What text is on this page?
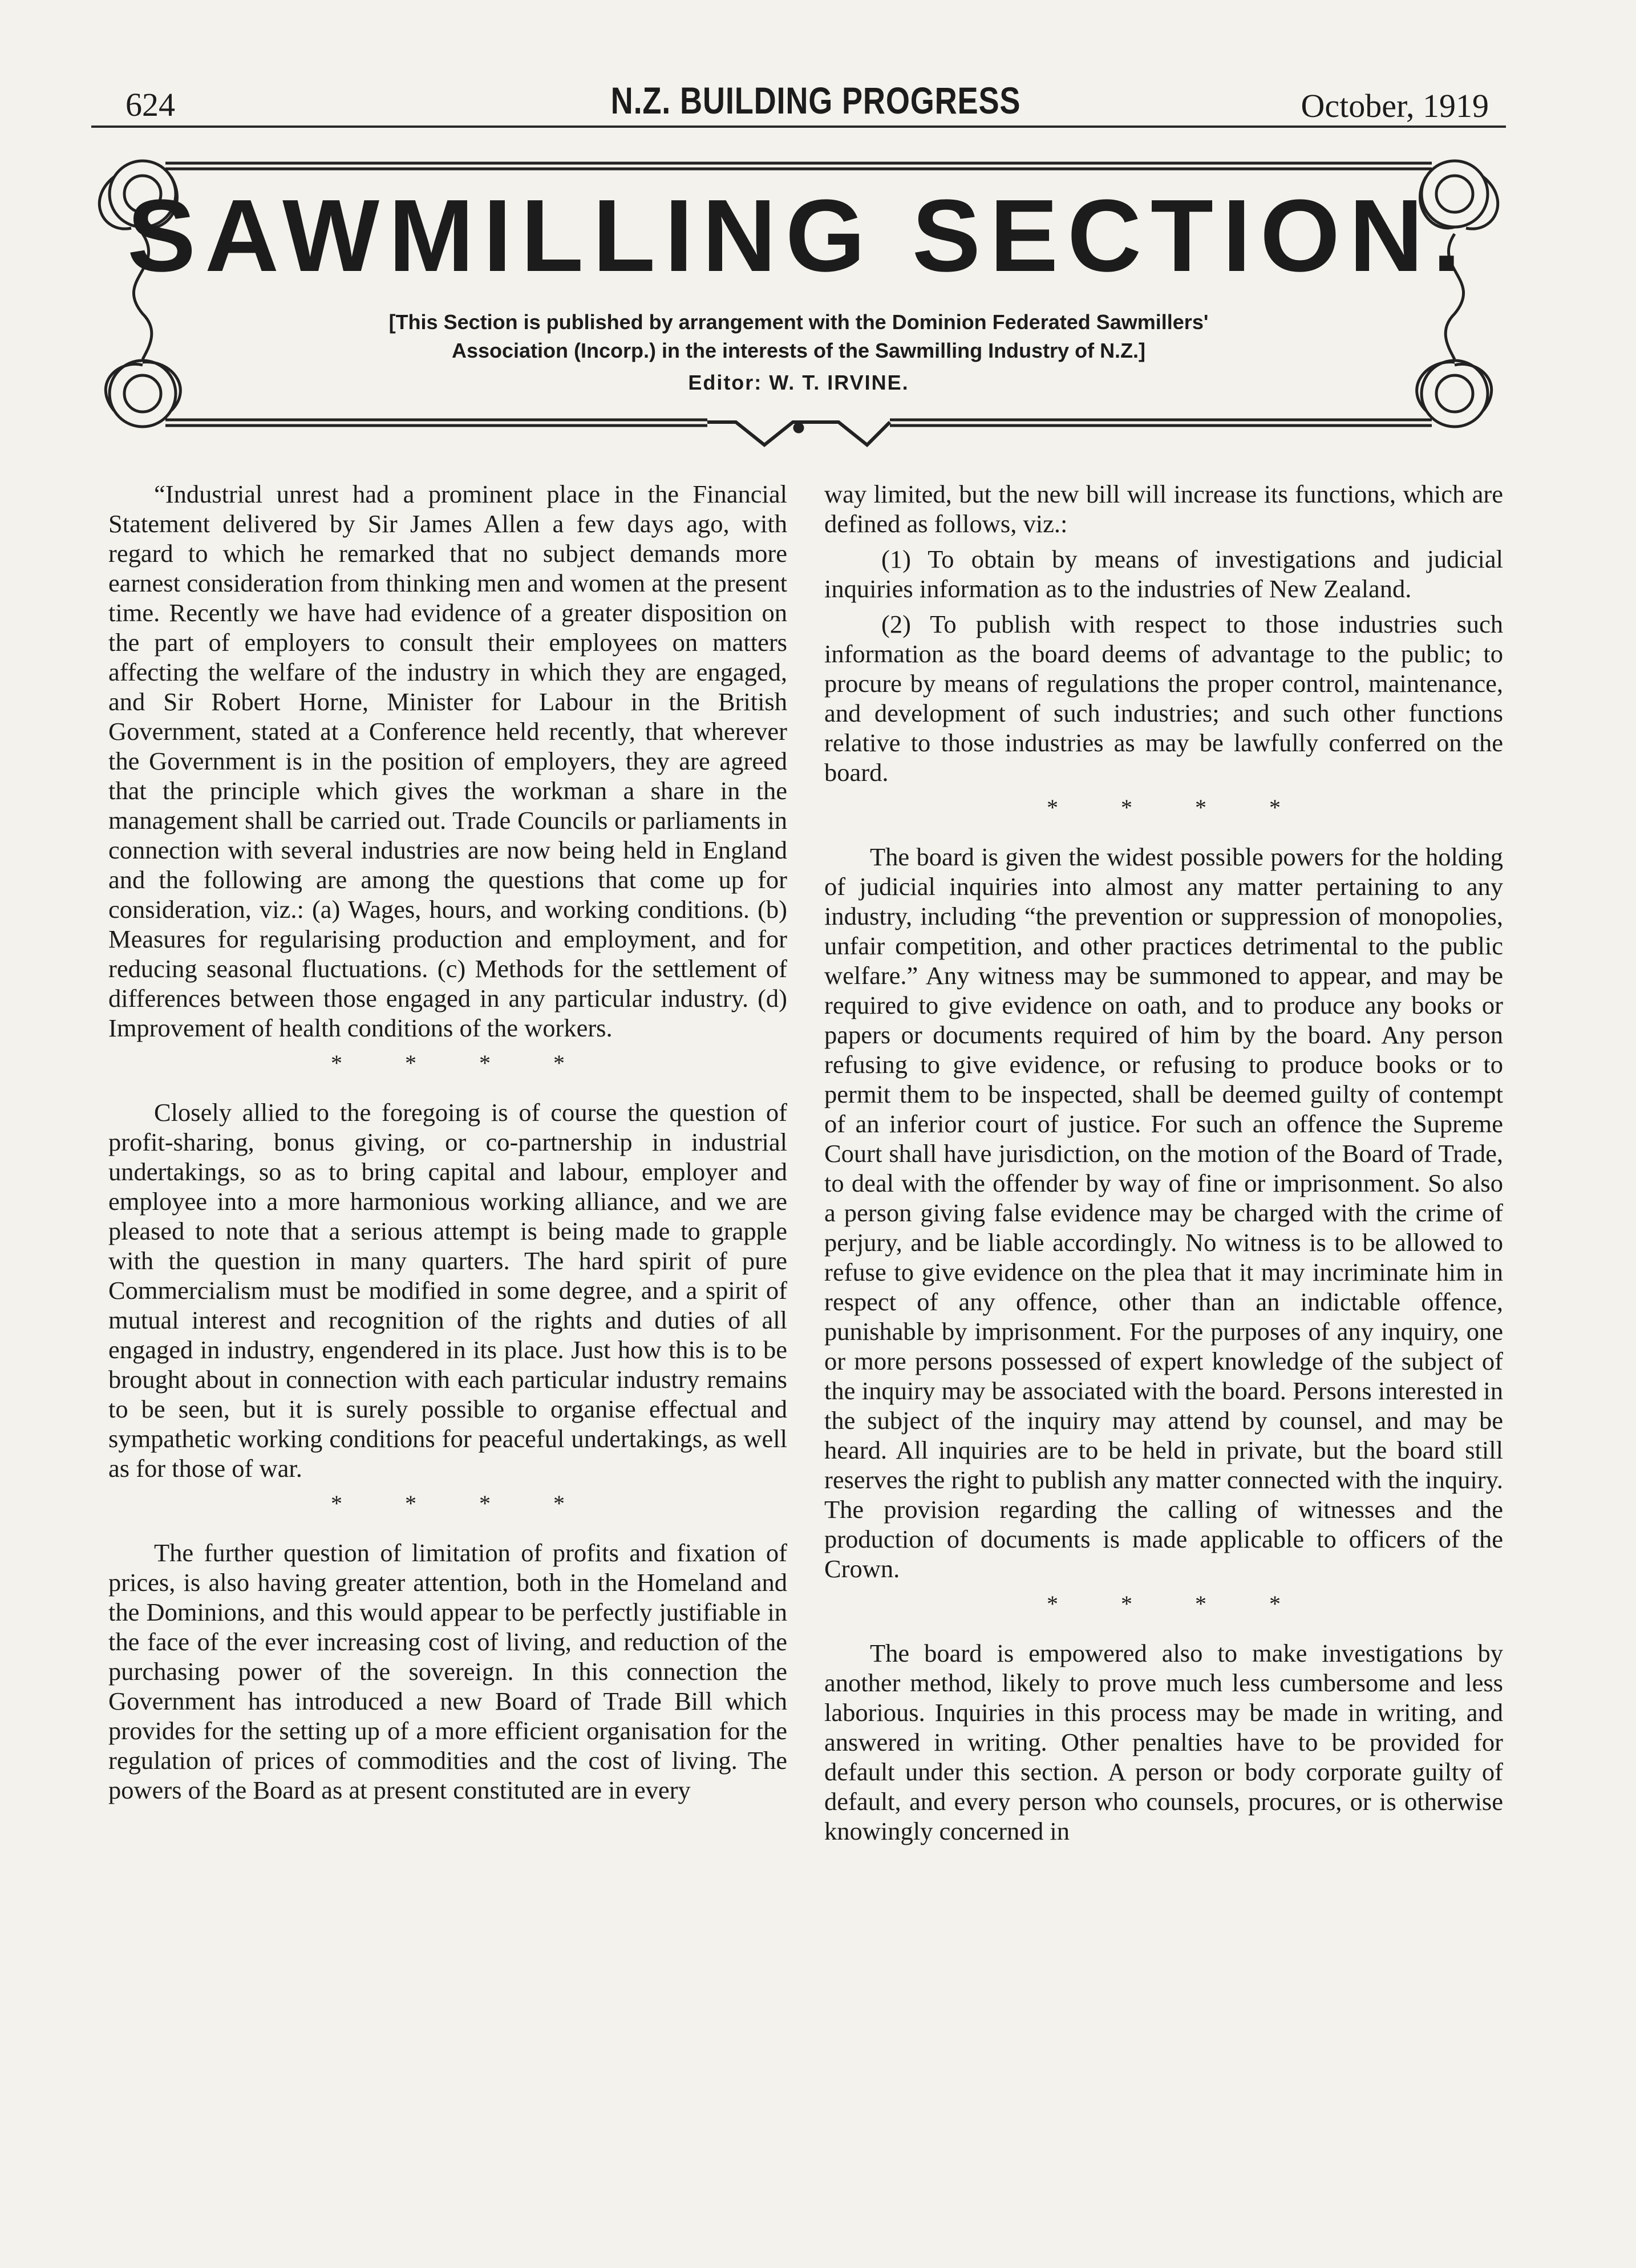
624	N.Z. BUILDING PROGRESS	October, 1919
SAWMILLING SECTION.

[This Section is published by arrangement with the Dominion Federated Sawmillers'
Association (Incorp.) in the interests of the Sawmilling Industry of N.Z.]

Editor: W. T. IRVINE.

“Industrial unrest had a prominent place in the Financial Statement delivered by Sir James Allen a few days ago, with regard to which he remarked that no subject demands more earnest consideration from thinking men and women at the present time. Recently we have had evidence of a greater disposition on the part of employers to consult their employees on matters affecting the welfare of the industry in which they are engaged, and Sir Robert Horne, Minister for Labour in the British Government, stated at a Conference held recently, that wherever the Government is in the position of employers, they are agreed that the principle which gives the workman a share in the management shall be carried out. Trade Councils or parliaments in connection with several industries are now being held in England and the following are among the questions that come up for consideration, viz.: (a) Wages, hours, and working conditions. (b) Measures for regularising production and employment, and for reducing seasonal fluctuations. (c) Methods for the settlement of differences between those engaged in any particular industry. (d) Improvement of health conditions of the workers.

* * * *

Closely allied to the foregoing is of course the question of profit-sharing, bonus giving, or co-partnership in industrial undertakings, so as to bring capital and labour, employer and employee into a more harmonious working alliance, and we are pleased to note that a serious attempt is being made to grapple with the question in many quarters. The hard spirit of pure Commercialism must be modified in some degree, and a spirit of mutual interest and recognition of the rights and duties of all engaged in industry, engendered in its place. Just how this is to be brought about in connection with each particular industry remains to be seen, but it is surely possible to organise effectual and sympathetic working conditions for peaceful undertakings, as well as for those of war.

* * * *

The further question of limitation of profits and fixation of prices, is also having greater attention, both in the Homeland and the Dominions, and this would appear to be perfectly justifiable in the face of the ever increasing cost of living, and reduction of the purchasing power of the sovereign. In this connection the Government has introduced a new Board of Trade Bill which provides for the setting up of a more efficient organisation for the regulation of prices of commodities and the cost of living. The powers of the Board as at present constituted are in every

way limited, but the new bill will increase its functions, which are defined as follows, viz.:

(1) To obtain by means of investigations and judicial inquiries information as to the industries of New Zealand.

(2) To publish with respect to those industries such information as the board deems of advantage to the public; to procure by means of regulations the proper control, maintenance, and development of such industries; and such other functions relative to those industries as may be lawfully conferred on the board.

* * * *

The board is given the widest possible powers for the holding of judicial inquiries into almost any matter pertaining to any industry, including “the prevention or suppression of monopolies, unfair competition, and other practices detrimental to the public welfare.” Any witness may be summoned to appear, and may be required to give evidence on oath, and to produce any books or papers or documents required of him by the board. Any person refusing to give evidence, or refusing to produce books or to permit them to be inspected, shall be deemed guilty of contempt of an inferior court of justice. For such an offence the Supreme Court shall have jurisdiction, on the motion of the Board of Trade, to deal with the offender by way of fine or imprisonment. So also a person giving false evidence may be charged with the crime of perjury, and be liable accordingly. No witness is to be allowed to refuse to give evidence on the plea that it may incriminate him in respect of any offence, other than an indictable offence, punishable by imprisonment. For the purposes of any inquiry, one or more persons possessed of expert knowledge of the subject of the inquiry may be associated with the board. Persons interested in the subject of the inquiry may attend by counsel, and may be heard. All inquiries are to be held in private, but the board still reserves the right to publish any matter connected with the inquiry. The provision regarding the calling of witnesses and the production of documents is made applicable to officers of the Crown.

* * * *

The board is empowered also to make investigations by another method, likely to prove much less cumbersome and less laborious. Inquiries in this process may be made in writing, and answered in writing. Other penalties have to be provided for default under this section. A person or body corporate guilty of default, and every person who counsels, procures, or is otherwise knowingly concerned in
